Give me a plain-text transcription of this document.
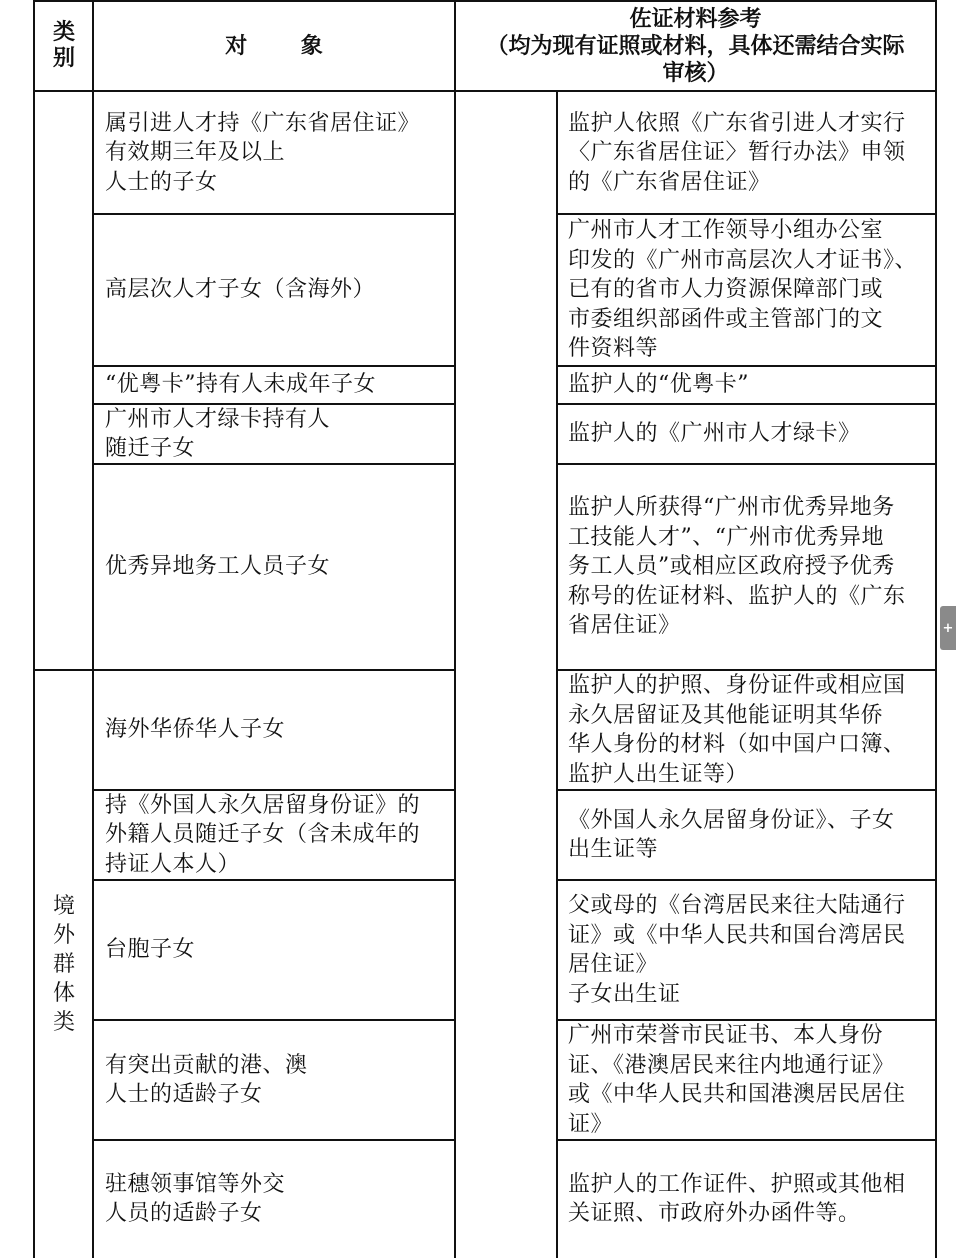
类
别	对       象
佐证材料参考
（均为现有证照或材料，具体还需结合实际
审核）
境
外
群
体
类
属引进人才持《广东省居住证》
有效期三年及以上
人士的子女
高层次人才子女（含海外）
“优粤卡”持有人未成年子女
广州市人才绿卡持有人
随迁子女
优秀异地务工人员子女
海外华侨华人子女
持《外国人永久居留身份证》的
外籍人员随迁子女（含未成年的
持证人本人）
台胞子女
有突出贡献的港、澳
人士的适龄子女
驻穗领事馆等外交
人员的适龄子女
监护人依照《广东省引进人才实行
〈广东省居住证〉暂行办法》申领
的《广东省居住证》
广州市人才工作领导小组办公室
印发的《广州市高层次人才证书》、
已有的省市人力资源保障部门或
市委组织部函件或主管部门的文
件资料等
监护人的“优粤卡”
监护人的《广州市人才绿卡》
监护人所获得“广州市优秀异地务
工技能人才”、“广州市优秀异地
务工人员”或相应区政府授予优秀
称号的佐证材料、监护人的《广东
省居住证》
监护人的护照、身份证件或相应国
永久居留证及其他能证明其华侨
华人身份的材料（如中国户口簿、
监护人出生证等）
《外国人永久居留身份证》、子女
出生证等
父或母的《台湾居民来往大陆通行
证》或《中华人民共和国台湾居民
居住证》
子女出生证
广州市荣誉市民证书、本人身份
证、《港澳居民来往内地通行证》
或《中华人民共和国港澳居民居住
证》
监护人的工作证件、护照或其他相
关证照、市政府外办函件等。
+
